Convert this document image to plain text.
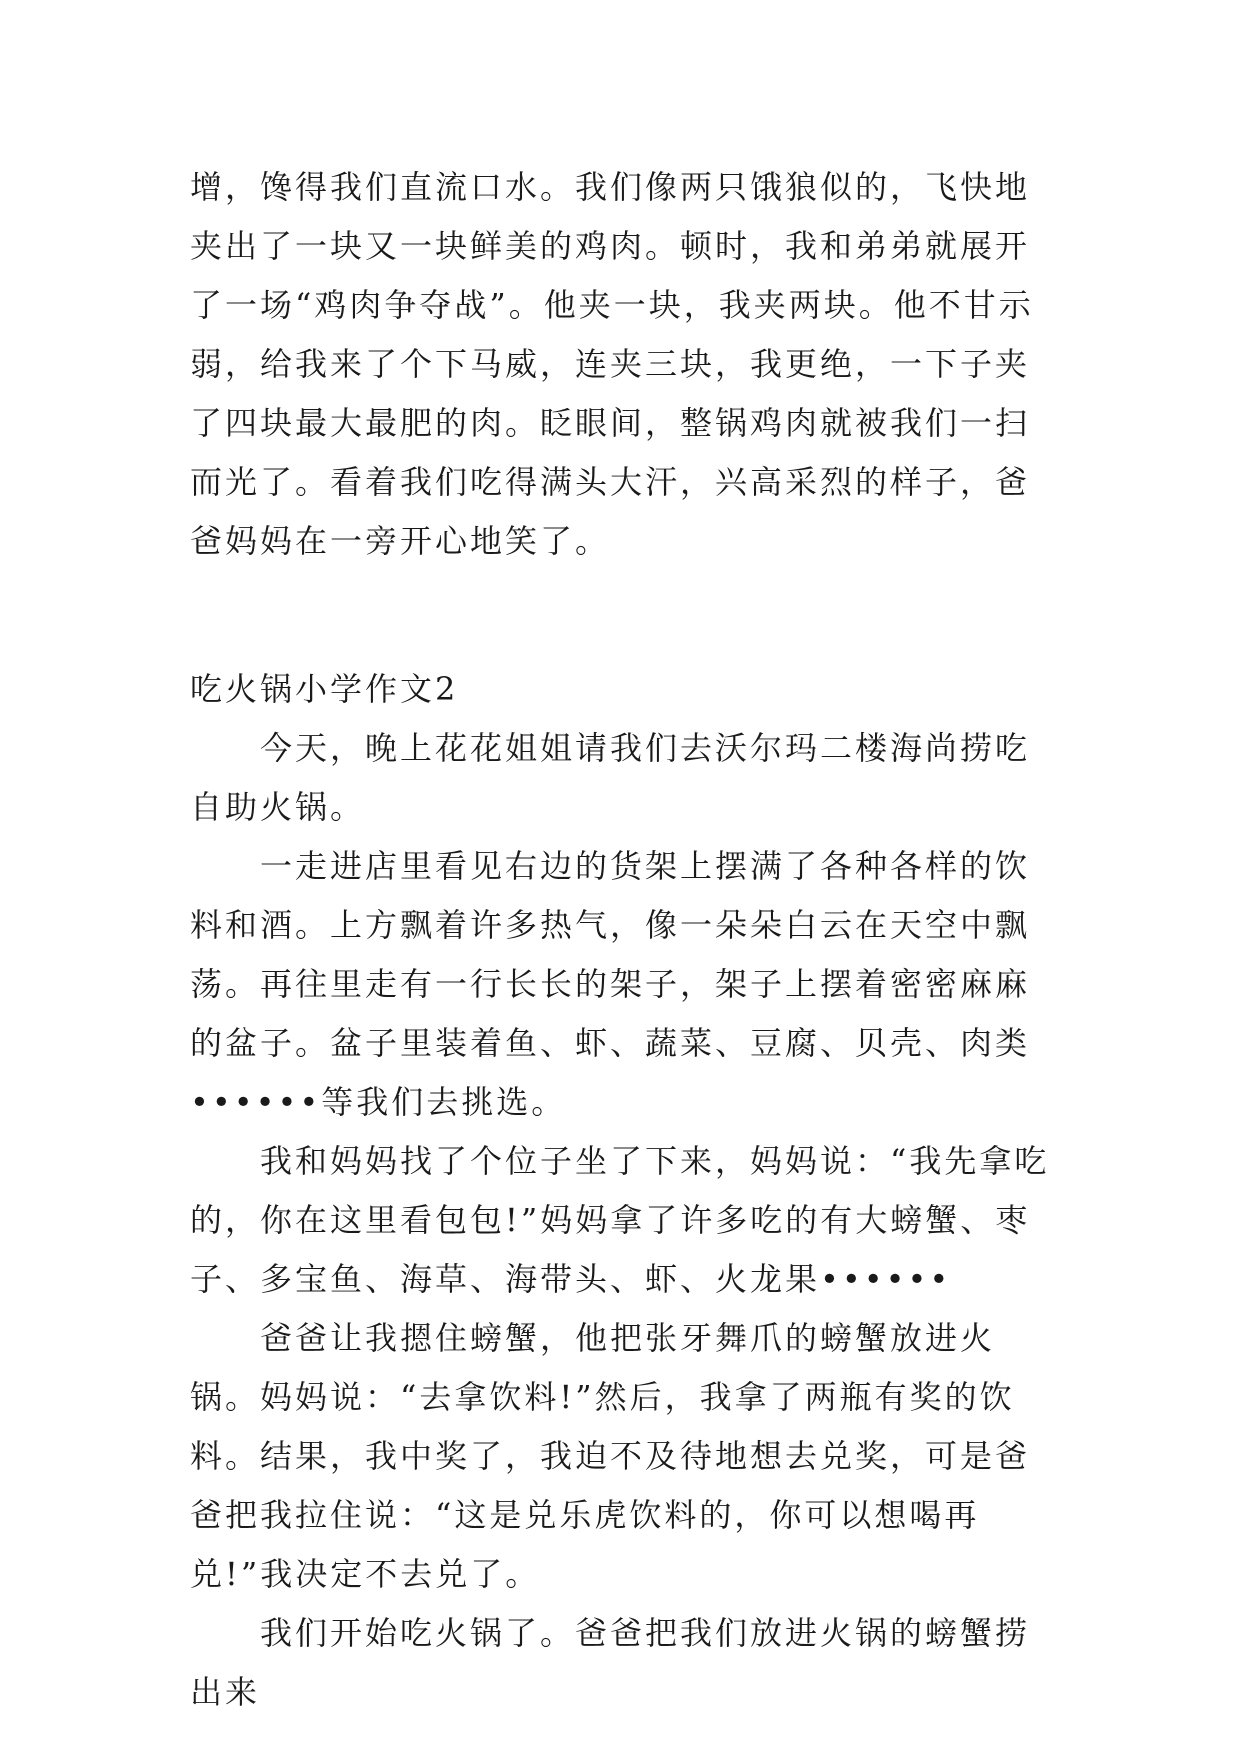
增，馋得我们直流口水。我们像两只饿狼似的，飞快地夹出了一块又一块鲜美的鸡肉。顿时，我和弟弟就展开了一场“鸡肉争夺战”。他夹一块，我夹两块。他不甘示弱，给我来了个下马威，连夹三块，我更绝，一下子夹了四块最大最肥的肉。眨眼间，整锅鸡肉就被我们一扫而光了。看着我们吃得满头大汗，兴高采烈的样子，爸爸妈妈在一旁开心地笑了。

吃火锅小学作文2

今天，晚上花花姐姐请我们去沃尔玛二楼海尚捞吃自助火锅。

一走进店里看见右边的货架上摆满了各种各样的饮料和酒。上方飘着许多热气，像一朵朵白云在天空中飘荡。再往里走有一行长长的架子，架子上摆着密密麻麻的盆子。盆子里装着鱼、虾、蔬菜、豆腐、贝壳、肉类••••••等我们去挑选。

我和妈妈找了个位子坐了下来，妈妈说：“我先拿吃的，你在这里看包包!”妈妈拿了许多吃的有大螃蟹、枣子、多宝鱼、海草、海带头、虾、火龙果••••••

爸爸让我摁住螃蟹，他把张牙舞爪的螃蟹放进火锅。妈妈说：“去拿饮料!”然后，我拿了两瓶有奖的饮料。结果，我中奖了，我迫不及待地想去兑奖，可是爸爸把我拉住说：“这是兑乐虎饮料的，你可以想喝再兑!”我决定不去兑了。

我们开始吃火锅了。爸爸把我们放进火锅的螃蟹捞出来
